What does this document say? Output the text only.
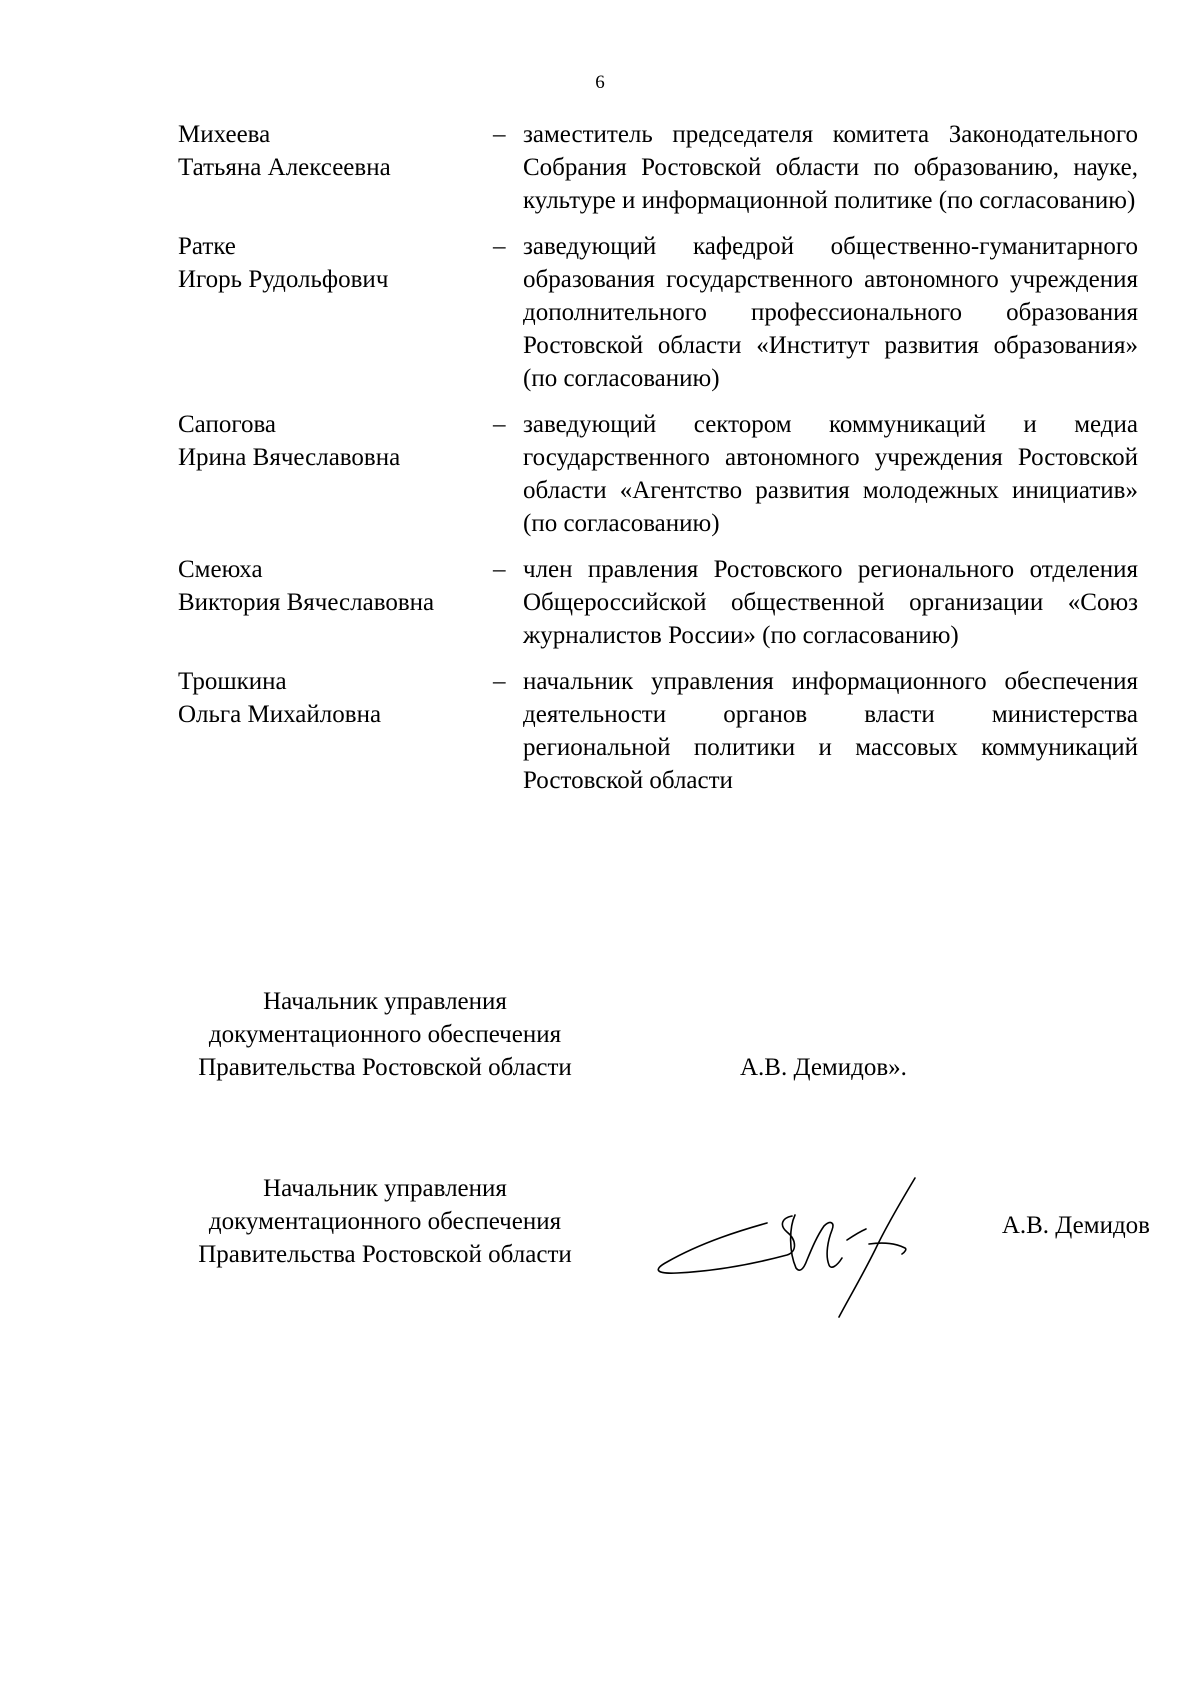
6
Михеева
Татьяна Алексеевна
– заместитель председателя комитета Законодательного Собрания Ростовской области по образованию, науке, культуре и информационной политике (по согласованию)
Ратке
Игорь Рудольфович
– заведующий кафедрой общественно-гуманитарного образования государственного автономного учреждения дополнительного профессионального образования Ростовской области «Институт развития образования» (по согласованию)
Сапогова
Ирина Вячеславовна
– заведующий сектором коммуникаций и медиа государственного автономного учреждения Ростовской области «Агентство развития молодежных инициатив» (по согласованию)
Смеюха
Виктория Вячеславовна
– член правления Ростовского регионального отделения Общероссийской общественной организации «Союз журналистов России» (по согласованию)
Трошкина
Ольга Михайловна
– начальник управления информационного обеспечения деятельности органов власти министерства региональной политики и массовых коммуникаций Ростовской области
Начальник управления
документационного обеспечения
Правительства Ростовской области	А.В. Демидов».
Начальник управления
документационного обеспечения
Правительства Ростовской области
А.В. Демидов
